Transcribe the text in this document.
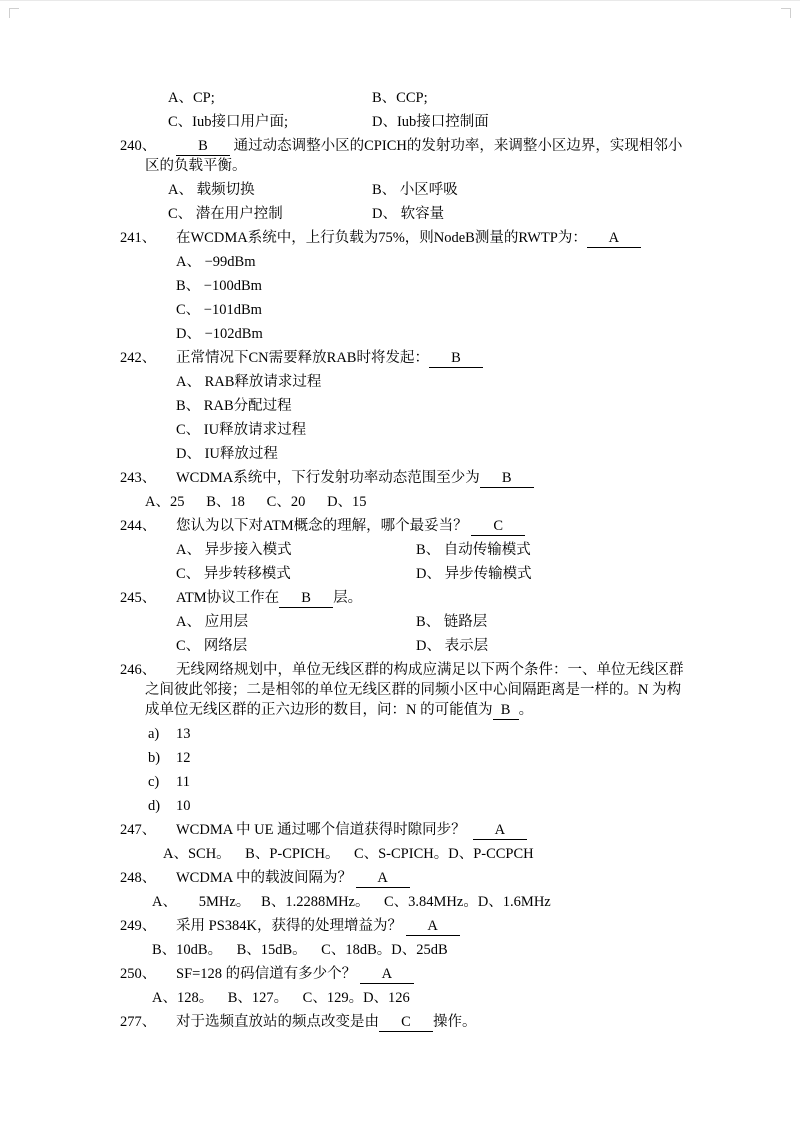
A、CP;	B、CCP;
C、Iub接口用户面;	D、Iub接口控制面
240、	B 通过动态调整小区的CPICH的发射功率，来调整小区边界，实现相邻小区的负载平衡。
A、 载频切换	B、 小区呼吸
C、 潜在用户控制	D、 软容量
241、 在WCDMA系统中，上行负载为75%，则NodeB测量的RWTP为： A
A、 −99dBm
B、 −100dBm
C、 −101dBm
D、 −102dBm
242、 正常情况下CN需要释放RAB时将发起： B
A、 RAB释放请求过程
B、 RAB分配过程
C、 IU释放请求过程
D、 IU释放过程
243、 WCDMA系统中，下行发射功率动态范围至少为 B
A、25      B、18      C、20      D、15
244、 您认为以下对ATM概念的理解，哪个最妥当？ C
A、 异步接入模式	B、 自动传输模式
C、 异步转移模式	D、 异步传输模式
245、 ATM协议工作在 B 层。
A、 应用层	B、 链路层
C、 网络层	D、 表示层
246、 无线网络规划中，单位无线区群的构成应满足以下两个条件：一、单位无线区群之间彼此邻接；二是相邻的单位无线区群的同频小区中心间隔距离是一样的。N 为构成单位无线区群的正六边形的数目，问：N 的可能值为 B 。
a) 13
b) 12
c) 11
d) 10
247、 WCDMA 中 UE 通过哪个信道获得时隙同步？  A
A、SCH。    B、P-CPICH。    C、S-CPICH。D、P-CCPCH
248、 WCDMA 中的载波间隔为？ A
A、      5MHz。   B、1.2288MHz。    C、3.84MHz。D、1.6MHz
249、 采用 PS384K，获得的处理增益为？ A
B、10dB。    B、15dB。    C、18dB。D、25dB
250、 SF=128 的码信道有多少个？ A
A、128。    B、127。    C、129。D、126
277、 对于选频直放站的频点改变是由 C 操作。
